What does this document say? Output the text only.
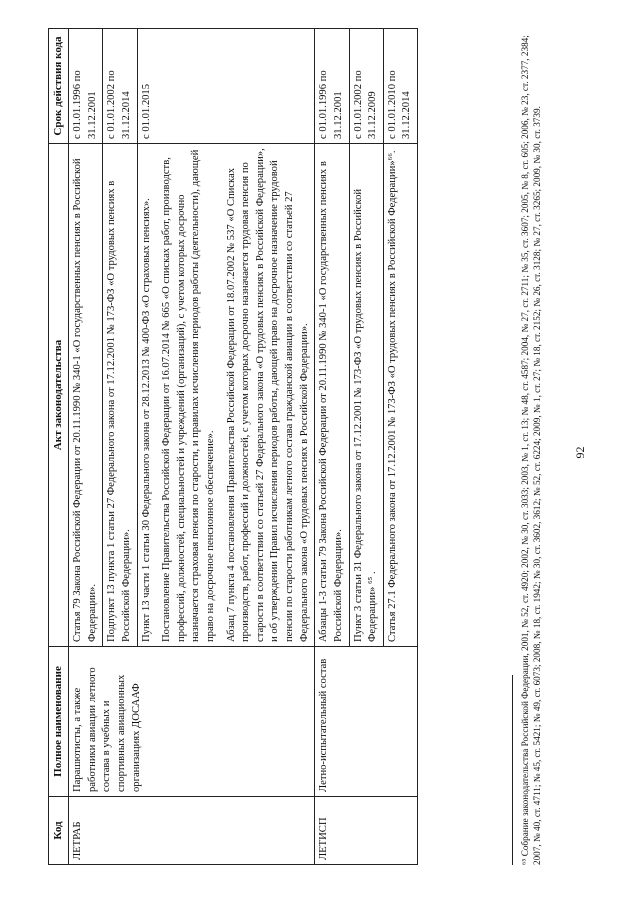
92
Код	Полное наименование	Акт законодательства	Срок действия кода
ЛЕТРАБ	Парашютисты, а также работники авиации летного состава в учебных и спортивных авиационных организациях ДОСААФ	Статья 79 Закона Российской Федерации от 20.11.1990 № 340-1 «О государственных пенсиях в Российской Федерации».	с 01.01.1996 по 31.12.2001

		Подпункт 13 пункта 1 статьи 27 Федерального закона от 17.12.2001 № 173-ФЗ «О трудовых пенсиях в Российской Федерации».	с 01.01.2002 по 31.12.2014

		Пункт 13 части 1 статьи 30 Федерального закона от 28.12.2013 № 400-ФЗ «О страховых пенсиях». Постановление Правительства Российской Федерации от 16.07.2014 № 665 «О списках работ, производств, профессий, должностей, специальностей и учреждений (организаций), с учетом которых досрочно назначается страховая пенсия по старости, и правилах исчисления периодов работы (деятельности), дающей право на досрочное пенсионное обеспечение». Абзац 7 пункта 4 постановления Правительства Российской Федерации от 18.07.2002 № 537 «О Списках производств, работ, профессий и должностей, с учетом которых досрочно назначается трудовая пенсия по старости в соответствии со статьей 27 Федерального закона «О трудовых пенсиях в Российской Федерации», и об утверждении Правил исчисления периодов работы, дающей право на досрочное назначение трудовой пенсии по старости работникам летного состава гражданской авиации в соответствии со статьей 27 Федерального закона «О трудовых пенсиях в Российской Федерации».	с 01.01.2015
ЛЕТИСП	Летно-испытательный состав	Абзацы 1-3 статьи 79 Закона Российской Федерации от 20.11.1990 № 340-1 «О государственных пенсиях в Российской Федерации».	с 01.01.1996 по 31.12.2001

		Пункт 3 статьи 31 Федерального закона от 17.12.2001 № 173-ФЗ «О трудовых пенсиях в Российской Федерации» ⁶⁵ .	с 01.01.2002 по 31.12.2009

		Статья 27.1 Федерального закона от 17.12.2001 № 173-ФЗ «О трудовых пенсиях в Российской Федерации»⁶⁶.	с 01.01.2010 по 31.12.2014	⁶⁵ Собрание законодательства Российской Федерации, 2001, № 52, ст. 4920; 2002, № 30, ст. 3033; 2003, № 1, ст. 13; № 48, ст. 4587; 2004, № 27, ст. 2711; № 35, ст. 3607; 2005, № 8, ст. 605; 2006, № 23, ст. 2377, 2384; 2007, № 40, ст. 4711; № 45, ст. 5421; № 49, ст. 6073; 2008, № 18, ст. 1942; № 30, ст. 3602, 3612; № 52, ст. 6224; 2009, № 1, ст. 27; № 18, ст. 2152; № 26, ст. 3128; № 27, ст. 3265; 2009, № 30, ст. 3739.
